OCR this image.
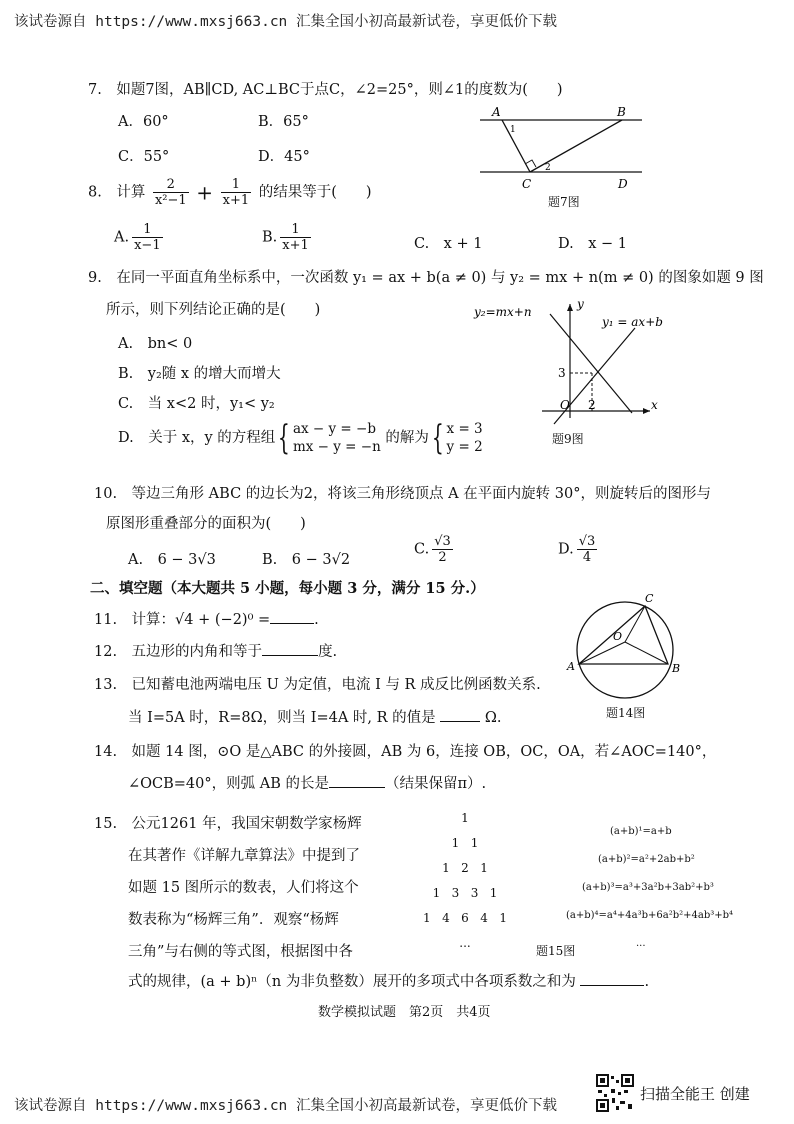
该试卷源自 https://www.mxsj663.cn 汇集全国小初高最新试卷，享更低价下载
7.　如题7图，AB∥CD, AC⊥BC于点C，∠2=25°，则∠1的度数为(　　)
A．60°	B．65°
C．55°	D．45°
A	B
C	D
1
2
题7图
8.　计算 $\frac{2}{\text{x²−1}} + \frac{1}{x+1}$ 的结果等于(　　)
A. $\frac{1}{x-1}$	B. $\frac{1}{x+1}$	C.　x + 1	D.　x − 1
9.　在同一平面直角坐标系中，一次函数 y₁ = ax + b(a ≠ 0) 与 y₂ = mx + n(m ≠ 0) 的图象如题 9 图
所示，则下列结论正确的是(　　)
A.　bn< 0
B.　y₂随 x 的增大而增大
C.　当 x<2 时，y₁< y₂
D.　关于 x，y 的方程组{ ax − y = −b
mx − y = −n 的解为{ x = 3
y = 2
y₂=mx+n
y₁ = ax+b
y
x
3
2
O
题9图
10.　等边三角形 ABC 的边长为2，将该三角形绕顶点 A 在平面内旋转 30°，则旋转后的图形与
原图形重叠部分的面积为(　　)
A.　6 − 3√3	B.　6 − 3√2
C. $\frac{√3}{2}$	D. $\frac{√3}{4}$
二、填空题（本大题共 5 小题，每小题 3 分，满分 15 分.）
11.　计算：√4 + (−2)⁰ =	.
12.　五边形的内角和等于	度.
A	B
C
O
题14图
13.　已知蓄电池两端电压 U 为定值，电流 I 与 R 成反比例函数关系.
当 I=5A 时，R=8Ω，则当 I=4A 时, R 的值是	Ω.
14.　如题 14 图，⊙O 是△ABC 的外接圆，AB 为 6，连接 OB，OC，OA，若∠AOC=140°，
∠OCB=40°，则弧 AB 的长是	（结果保留π）.
15.　公元1261 年，我国宋朝数学家杨辉
在其著作《详解九章算法》中提到了
如题 15 图所示的数表，人们将这个
数表称为“杨辉三角”．观察“杨辉
三角”与右侧的等式图，根据图中各
式的规律，(a + b)ⁿ（n 为非负整数）展开的多项式中各项系数之和为	.
1
1   1
1   2   1
1   3   3   1
1   4   6   4   1
...
(a+b)¹=a+b
(a+b)²=a²+2ab+b²
(a+b)³=a³+3a²b+3ab²+b³
(a+b)⁴=a⁴+4a³b+6a²b²+4ab³+b⁴
...
题15图
数学模拟试题　第2页　共4页
该试卷源自 https://www.mxsj663.cn 汇集全国小初高最新试卷，享更低价下载
扫描全能王 创建
